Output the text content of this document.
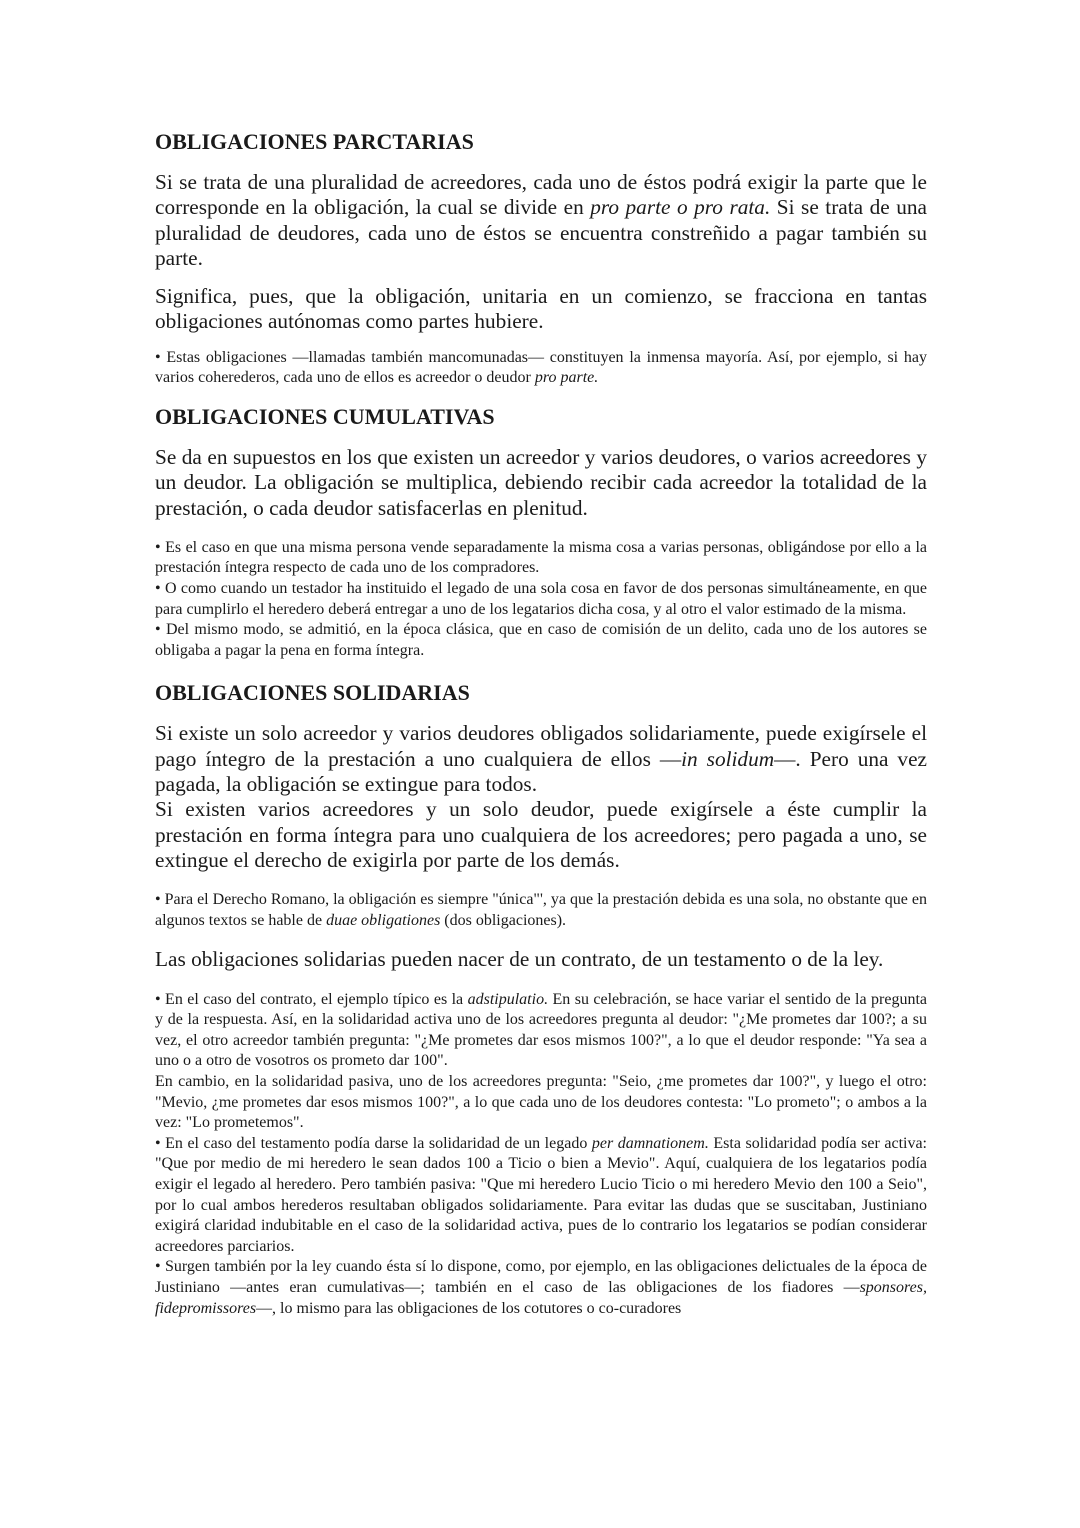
OBLIGACIONES PARCTARIAS

Si se trata de una pluralidad de acreedores, cada uno de éstos podrá exigir la parte que le corresponde en la obligación, la cual se divide en pro parte o pro rata. Si se trata de una pluralidad de deudores, cada uno de éstos se encuentra constreñido a pagar también su parte.

Significa, pues, que la obligación, unitaria en un comienzo, se fracciona en tantas obligaciones autónomas como partes hubiere.

• Estas obligaciones —llamadas también mancomunadas— constituyen la inmensa mayoría. Así, por ejemplo, si hay varios coherederos, cada uno de ellos es acreedor o deudor pro parte.

OBLIGACIONES CUMULATIVAS

Se da en supuestos en los que existen un acreedor y varios deudores, o varios acreedores y un deudor. La obligación se multiplica, debiendo recibir cada acreedor la totalidad de la prestación, o cada deudor satisfacerlas en plenitud.

• Es el caso en que una misma persona vende separadamente la misma cosa a varias personas, obligándose por ello a la prestación íntegra respecto de cada uno de los compradores.

• O como cuando un testador ha instituido el legado de una sola cosa en favor de dos personas simultáneamente, en que para cumplirlo el heredero deberá entregar a uno de los legatarios dicha cosa, y al otro el valor estimado de la misma.

• Del mismo modo, se admitió, en la época clásica, que en caso de comisión de un delito, cada uno de los autores se obligaba a pagar la pena en forma íntegra.

OBLIGACIONES SOLIDARIAS

Si existe un solo acreedor y varios deudores obligados solidariamente, puede exigírsele el pago íntegro de la prestación a uno cualquiera de ellos —in solidum—. Pero una vez pagada, la obligación se extingue para todos.

Si existen varios acreedores y un solo deudor, puede exigírsele a éste cumplir la prestación en forma íntegra para uno cualquiera de los acreedores; pero pagada a uno, se extingue el derecho de exigirla por parte de los demás.

• Para el Derecho Romano, la obligación es siempre "única"', ya que la prestación debida es una sola, no obstante que en algunos textos se hable de duae obligationes (dos obligaciones).

Las obligaciones solidarias pueden nacer de un contrato, de un testamento o de la ley.

• En el caso del contrato, el ejemplo típico es la adstipulatio. En su celebración, se hace variar el sentido de la pregunta y de la respuesta. Así, en la solidaridad activa uno de los acreedores pregunta al deudor: "¿Me prometes dar 100?; a su vez, el otro acreedor también pregunta: "¿Me prometes dar esos mismos 100?", a lo que el deudor responde: "Ya sea a uno o a otro de vosotros os prometo dar 100".

En cambio, en la solidaridad pasiva, uno de los acreedores pregunta: "Seio, ¿me prometes dar 100?", y luego el otro: "Mevio, ¿me prometes dar esos mismos 100?", a lo que cada uno de los deudores contesta: "Lo prometo"; o ambos a la vez: "Lo prometemos".

• En el caso del testamento podía darse la solidaridad de un legado per damnationem. Esta solidaridad podía ser activa: "Que por medio de mi heredero le sean dados 100 a Ticio o bien a Mevio". Aquí, cualquiera de los legatarios podía exigir el legado al heredero. Pero también pasiva: "Que mi heredero Lucio Ticio o mi heredero Mevio den 100 a Seio", por lo cual ambos herederos resultaban obligados solidariamente. Para evitar las dudas que se suscitaban, Justiniano exigirá claridad indubitable en el caso de la solidaridad activa, pues de lo contrario los legatarios se podían considerar acreedores parciarios.

• Surgen también por la ley cuando ésta sí lo dispone, como, por ejemplo, en las obligaciones delictuales de la época de Justiniano —antes eran cumulativas—; también en el caso de las obligaciones de los fiadores —sponsores, fidepromissores—, lo mismo para las obligaciones de los cotutores o co-curadores
